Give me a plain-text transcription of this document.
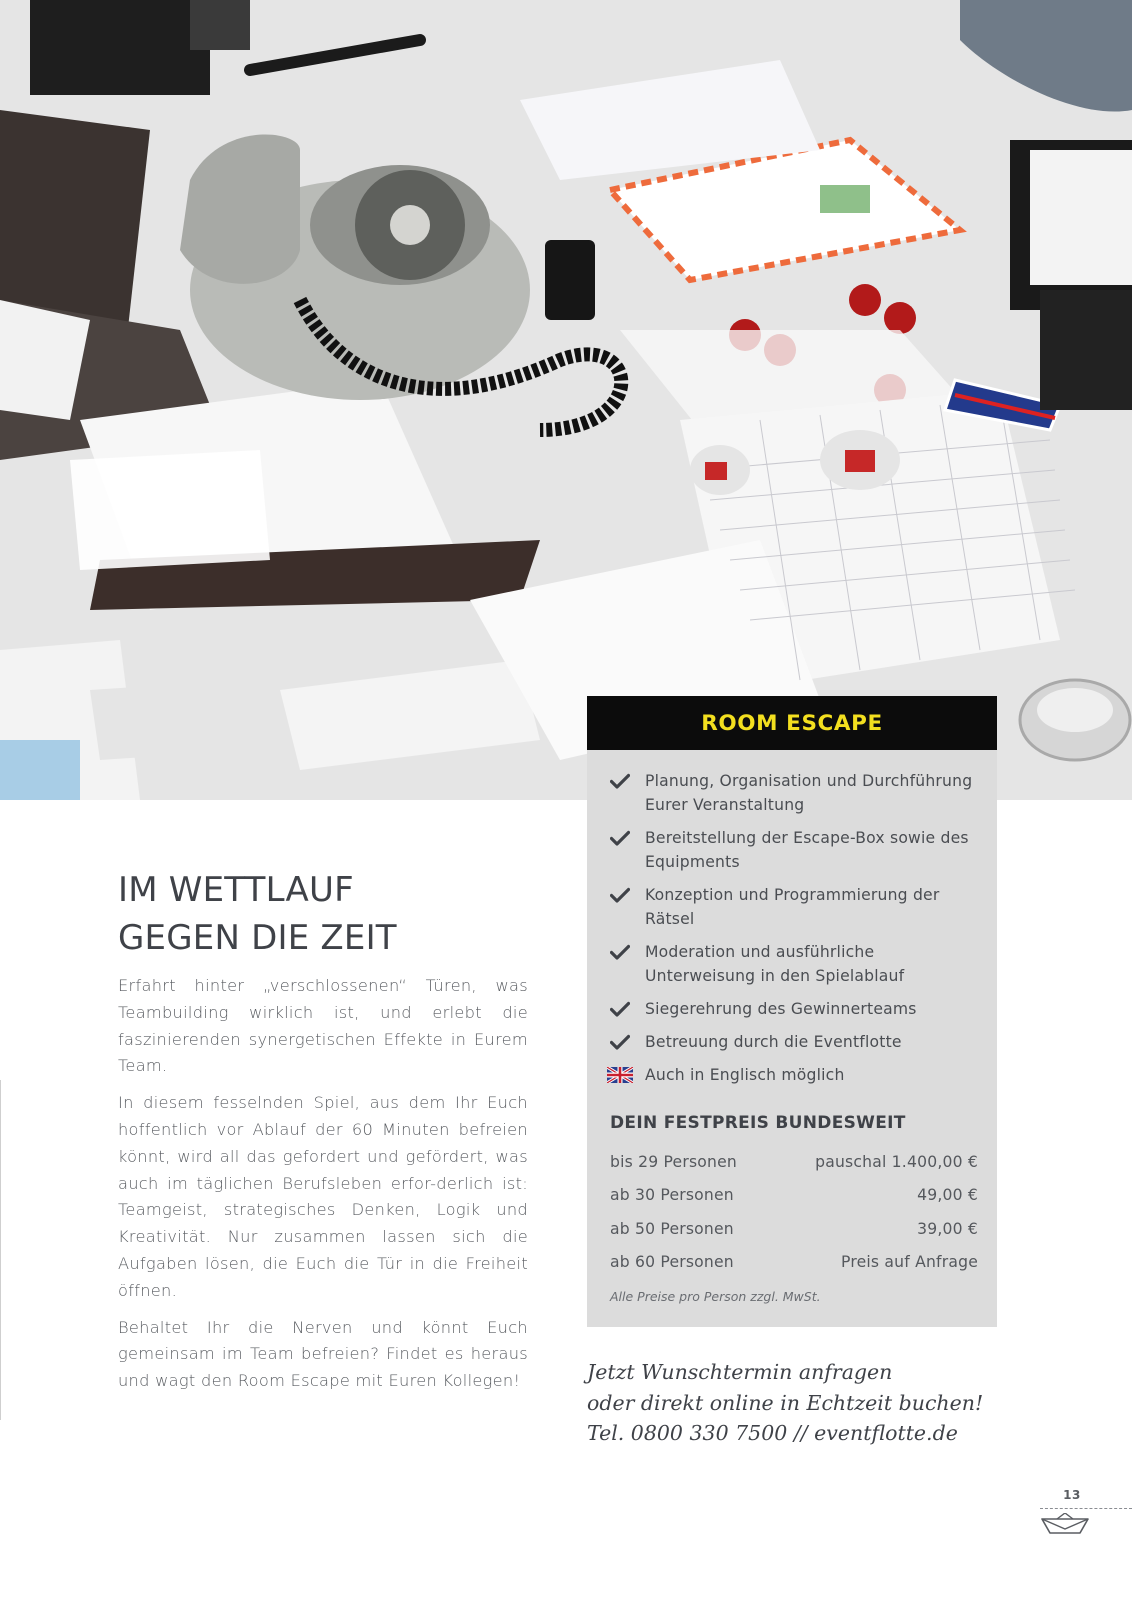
IM WETTLAUF
GEGEN DIE ZEIT

Erfahrt hinter „verschlossenen“ Türen, was Teambuilding wirklich ist, und erlebt die faszinierenden synergetischen Effekte in Eurem Team.

In diesem fesselnden Spiel, aus dem Ihr Euch hoffentlich vor Ablauf der 60 Minuten befreien könnt, wird all das gefordert und gefördert, was auch im täglichen Berufsleben erfor-derlich ist: Teamgeist, strategisches Denken, Logik und Kreativität. Nur zusammen lassen sich die Aufgaben lösen, die Euch die Tür in die Freiheit öffnen.

Behaltet Ihr die Nerven und könnt Euch gemeinsam im Team befreien? Findet es heraus und wagt den Room Escape mit Euren Kollegen!

ROOM ESCAPE
Planung, Organisation und Durchführung Eurer Veranstaltung
Bereitstellung der Escape-Box sowie des Equipments
Konzeption und Programmierung der Rätsel
Moderation und ausführliche Unterweisung in den Spielablauf
Siegerehrung des Gewinnerteams
Betreuung durch die Eventflotte
Auch in Englisch möglich
DEIN FESTPREIS BUNDESWEIT
bis 29 Personen	pauschal 1.400,00 €
ab 30 Personen	49,00 €
ab 50 Personen	39,00 €
ab 60 Personen	Preis auf Anfrage
Alle Preise pro Person zzgl. MwSt.
Jetzt Wunschtermin anfragen
oder direkt online in Echtzeit buchen!
Tel. 0800 330 7500 // eventflotte.de
13
